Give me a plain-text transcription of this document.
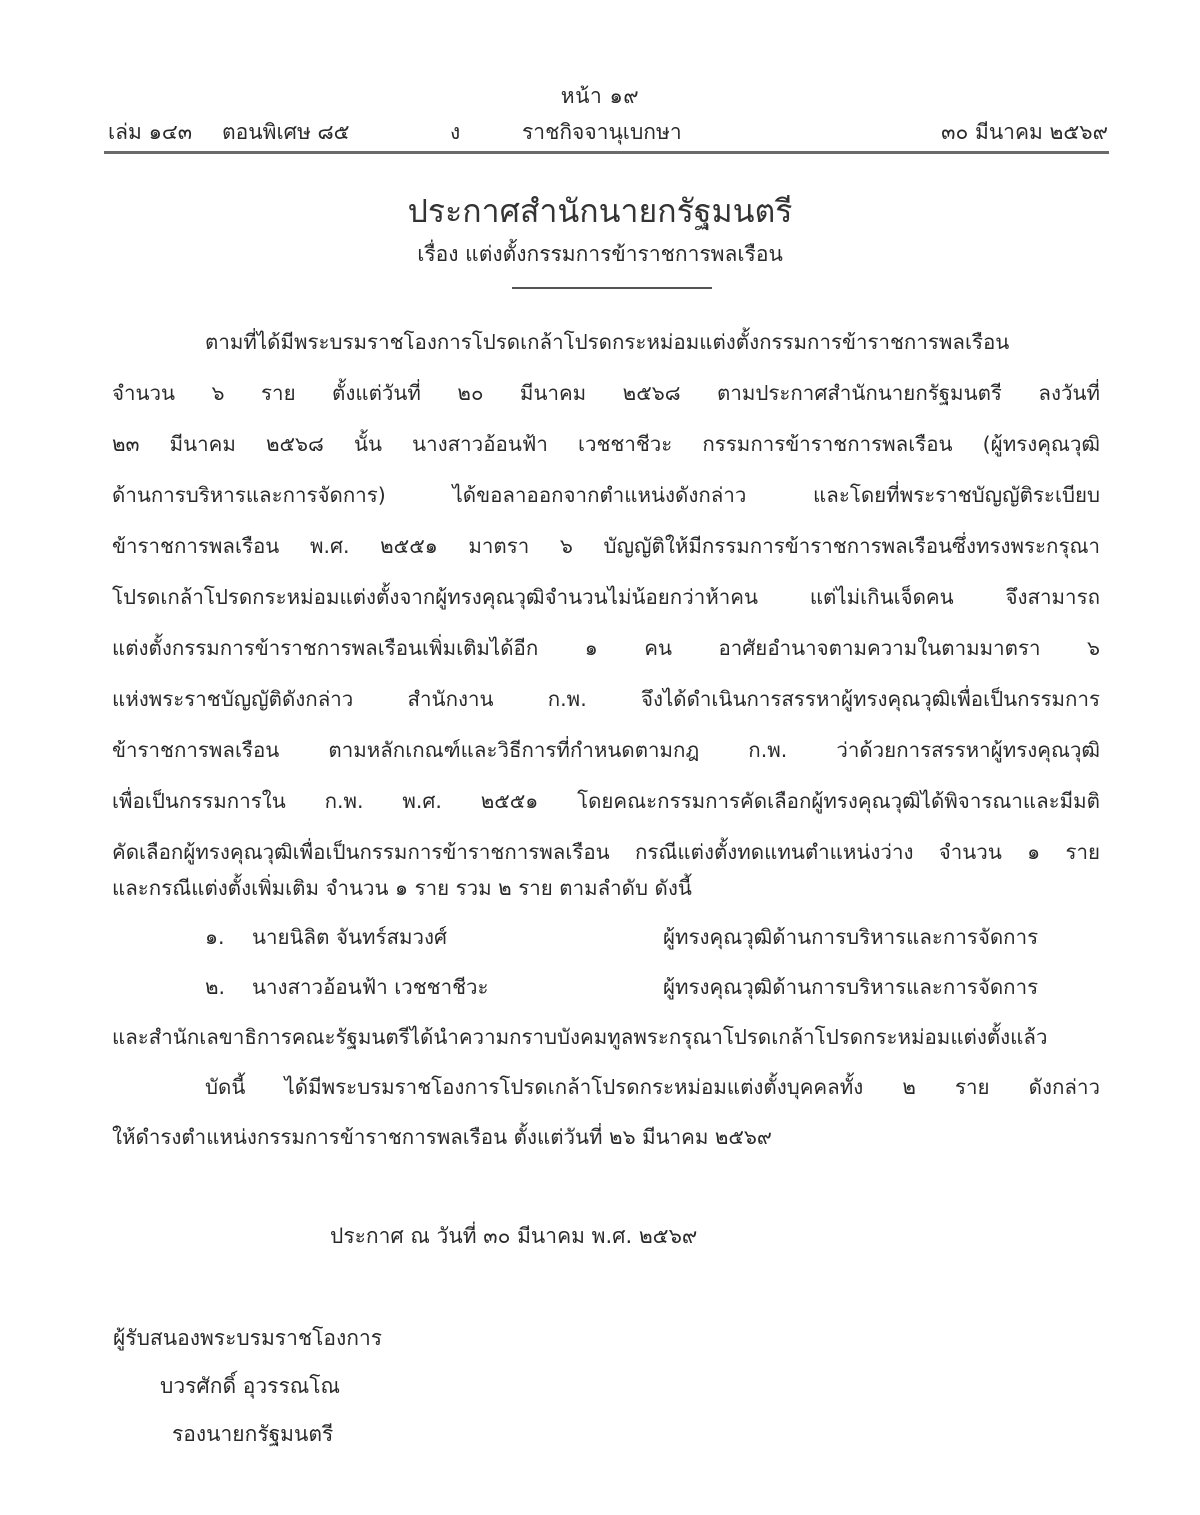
หน้า ๑๙
เล่ม ๑๔๓ ตอนพิเศษ ๘๕	ง	ราชกิจจานุเบกษา	๓๐ มีนาคม ๒๕๖๙
ประกาศสำนักนายกรัฐมนตรี
เรื่อง แต่งตั้งกรรมการข้าราชการพลเรือน
ตามที่ได้มีพระบรมราชโองการโปรดเกล้าโปรดกระหม่อมแต่งตั้งกรรมการข้าราชการพลเรือน
จำนวน ๖ ราย ตั้งแต่วันที่ ๒๐ มีนาคม ๒๕๖๘ ตามประกาศสำนักนายกรัฐมนตรี ลงวันที่
๒๓ มีนาคม ๒๕๖๘ นั้น นางสาวอ้อนฟ้า เวชชาชีวะ กรรมการข้าราชการพลเรือน (ผู้ทรงคุณวุฒิ
ด้านการบริหารและการจัดการ) ได้ขอลาออกจากตำแหน่งดังกล่าว และโดยที่พระราชบัญญัติระเบียบ
ข้าราชการพลเรือน พ.ศ. ๒๕๕๑ มาตรา ๖ บัญญัติให้มีกรรมการข้าราชการพลเรือนซึ่งทรงพระกรุณา
โปรดเกล้าโปรดกระหม่อมแต่งตั้งจากผู้ทรงคุณวุฒิจำนวนไม่น้อยกว่าห้าคน แต่ไม่เกินเจ็ดคน จึงสามารถ
แต่งตั้งกรรมการข้าราชการพลเรือนเพิ่มเติมได้อีก ๑ คน อาศัยอำนาจตามความในตามมาตรา ๖
แห่งพระราชบัญญัติดังกล่าว สำนักงาน ก.พ. จึงได้ดำเนินการสรรหาผู้ทรงคุณวุฒิเพื่อเป็นกรรมการ
ข้าราชการพลเรือน ตามหลักเกณฑ์และวิธีการที่กำหนดตามกฎ ก.พ. ว่าด้วยการสรรหาผู้ทรงคุณวุฒิ
เพื่อเป็นกรรมการใน ก.พ. พ.ศ. ๒๕๕๑ โดยคณะกรรมการคัดเลือกผู้ทรงคุณวุฒิได้พิจารณาและมีมติ
คัดเลือกผู้ทรงคุณวุฒิเพื่อเป็นกรรมการข้าราชการพลเรือน กรณีแต่งตั้งทดแทนตำแหน่งว่าง จำนวน ๑ ราย
และกรณีแต่งตั้งเพิ่มเติม จำนวน ๑ ราย รวม ๒ ราย ตามลำดับ ดังนี้
๑. นายนิลิต จันทร์สมวงศ์	ผู้ทรงคุณวุฒิด้านการบริหารและการจัดการ
๒. นางสาวอ้อนฟ้า เวชชาชีวะ	ผู้ทรงคุณวุฒิด้านการบริหารและการจัดการ
และสำนักเลขาธิการคณะรัฐมนตรีได้นำความกราบบังคมทูลพระกรุณาโปรดเกล้าโปรดกระหม่อมแต่งตั้งแล้ว
บัดนี้ ได้มีพระบรมราชโองการโปรดเกล้าโปรดกระหม่อมแต่งตั้งบุคคลทั้ง ๒ ราย ดังกล่าว
ให้ดำรงตำแหน่งกรรมการข้าราชการพลเรือน ตั้งแต่วันที่ ๒๖ มีนาคม ๒๕๖๙
ประกาศ ณ วันที่ ๓๐ มีนาคม พ.ศ. ๒๕๖๙
ผู้รับสนองพระบรมราชโองการ
บวรศักดิ์ อุวรรณโณ
รองนายกรัฐมนตรี
